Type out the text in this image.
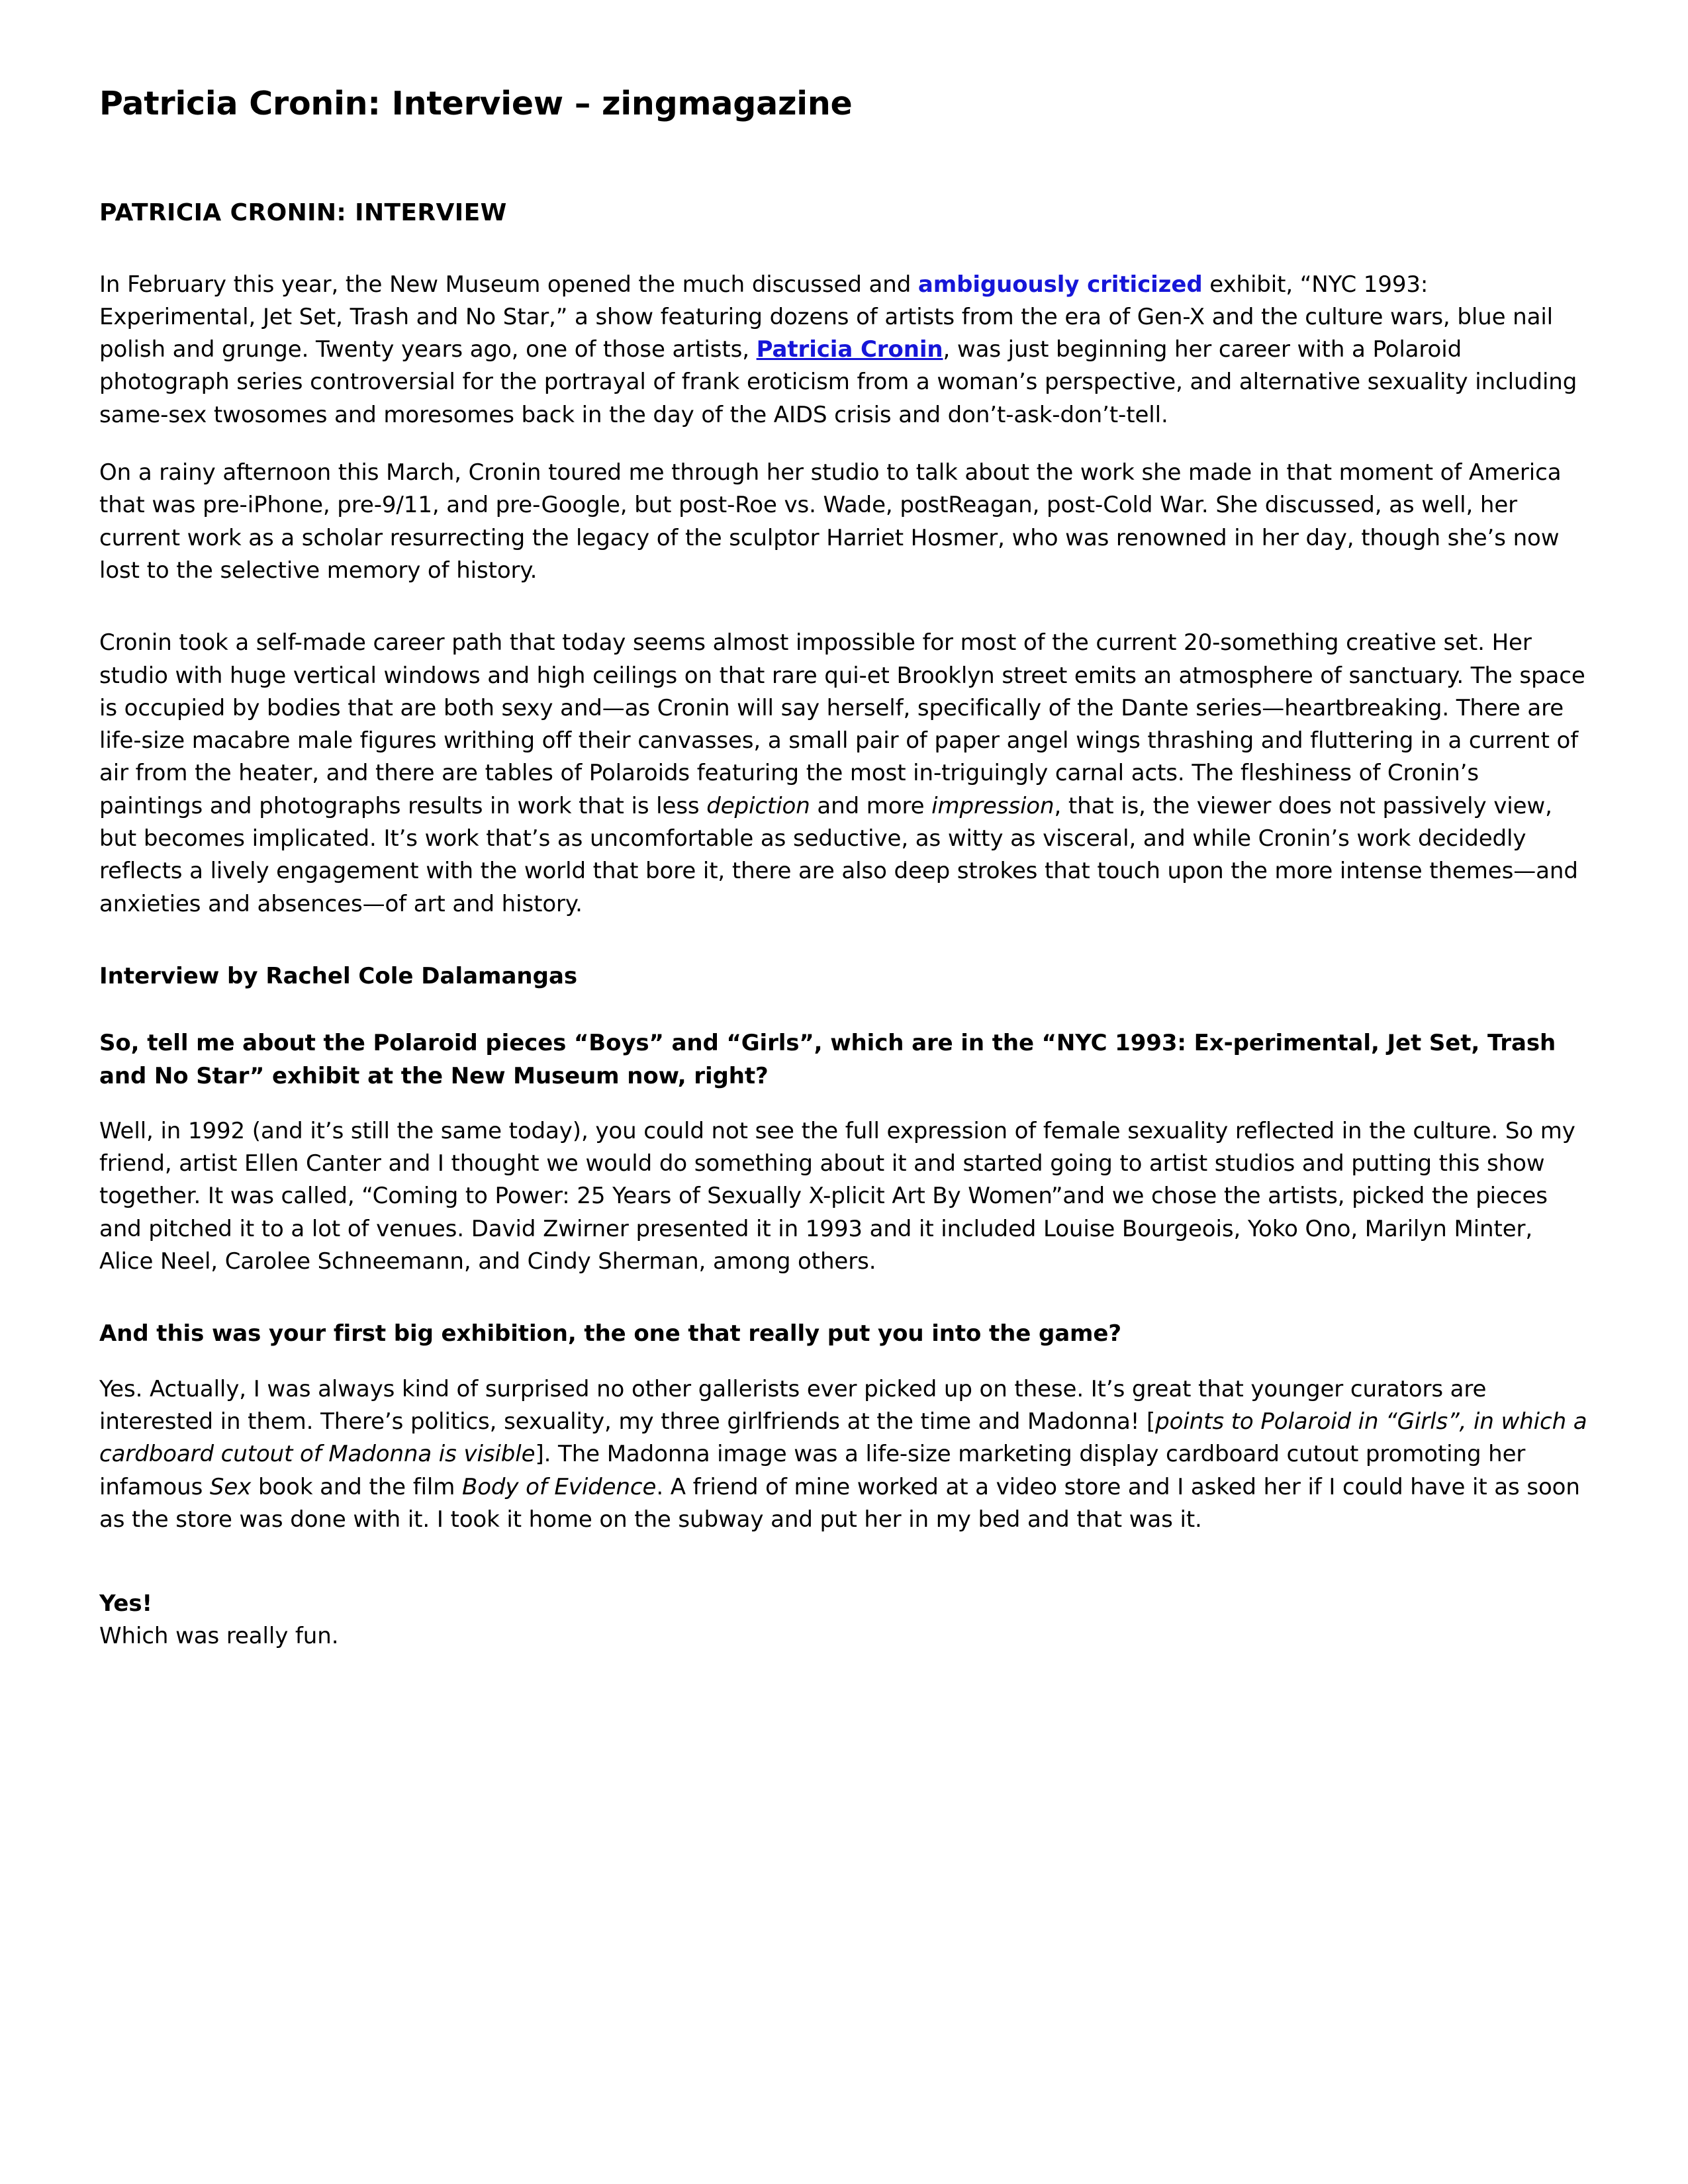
Patricia Cronin: Interview – zingmagazine
PATRICIA CRONIN: INTERVIEW

In February this year, the New Museum opened the much discussed and ambiguously criticized exhibit, “NYC 1993: Experimental, Jet Set, Trash and No Star,” a show featuring dozens of artists from the era of Gen-X and the culture wars, blue nail polish and grunge. Twenty years ago, one of those artists, Patricia Cronin, was just beginning her career with a Polaroid photograph series controversial for the portrayal of frank eroticism from a woman’s perspective, and alternative sexuality including same-sex twosomes and moresomes back in the day of the AIDS crisis and don’t-ask-don’t-tell.

On a rainy afternoon this March, Cronin toured me through her studio to talk about the work she made in that moment of America that was pre-iPhone, pre-9/11, and pre-Google, but post-Roe vs. Wade, postReagan, post-Cold War. She discussed, as well, her current work as a scholar resurrecting the legacy of the sculptor Harriet Hosmer, who was renowned in her day, though she’s now lost to the selective memory of history.

Cronin took a self-made career path that today seems almost impossible for most of the current 20-something creative set. Her studio with huge vertical windows and high ceilings on that rare qui-et Brooklyn street emits an atmosphere of sanctuary. The space is occupied by bodies that are both sexy and—as Cronin will say herself, specifically of the Dante series—heartbreaking. There are life-size macabre male figures writhing off their canvasses, a small pair of paper angel wings thrashing and fluttering in a current of air from the heater, and there are tables of Polaroids featuring the most in-triguingly carnal acts. The fleshiness of Cronin’s paintings and photographs results in work that is less depiction and more impression, that is, the viewer does not passively view, but becomes implicated. It’s work that’s as uncomfortable as seductive, as witty as visceral, and while Cronin’s work decidedly reflects a lively engagement with the world that bore it, there are also deep strokes that touch upon the more intense themes—and anxieties and absences—of art and history.

Interview by Rachel Cole Dalamangas
So, tell me about the Polaroid pieces “Boys” and “Girls”, which are in the “NYC 1993: Ex-perimental, Jet Set, Trash and No Star” exhibit at the New Museum now, right?

Well, in 1992 (and it’s still the same today), you could not see the full expression of female sexuality reflected in the culture. So my friend, artist Ellen Canter and I thought we would do something about it and started going to artist studios and putting this show together. It was called, “Coming to Power: 25 Years of Sexually X-plicit Art By Women”and we chose the artists, picked the pieces and pitched it to a lot of venues. David Zwirner presented it in 1993 and it included Louise Bourgeois, Yoko Ono, Marilyn Minter, Alice Neel, Carolee Schneemann, and Cindy Sherman, among others.

And this was your first big exhibition, the one that really put you into the game?

Yes. Actually, I was always kind of surprised no other gallerists ever picked up on these. It’s great that younger curators are interested in them. There’s politics, sexuality, my three girlfriends at the time and Madonna! [points to Polaroid in “Girls”, in which a cardboard cutout of Madonna is visible]. The Madonna image was a life-size marketing display cardboard cutout promoting her infamous Sex book and the film Body of Evidence. A friend of mine worked at a video store and I asked her if I could have it as soon as the store was done with it. I took it home on the subway and put her in my bed and that was it.

Yes!

Which was really fun.
